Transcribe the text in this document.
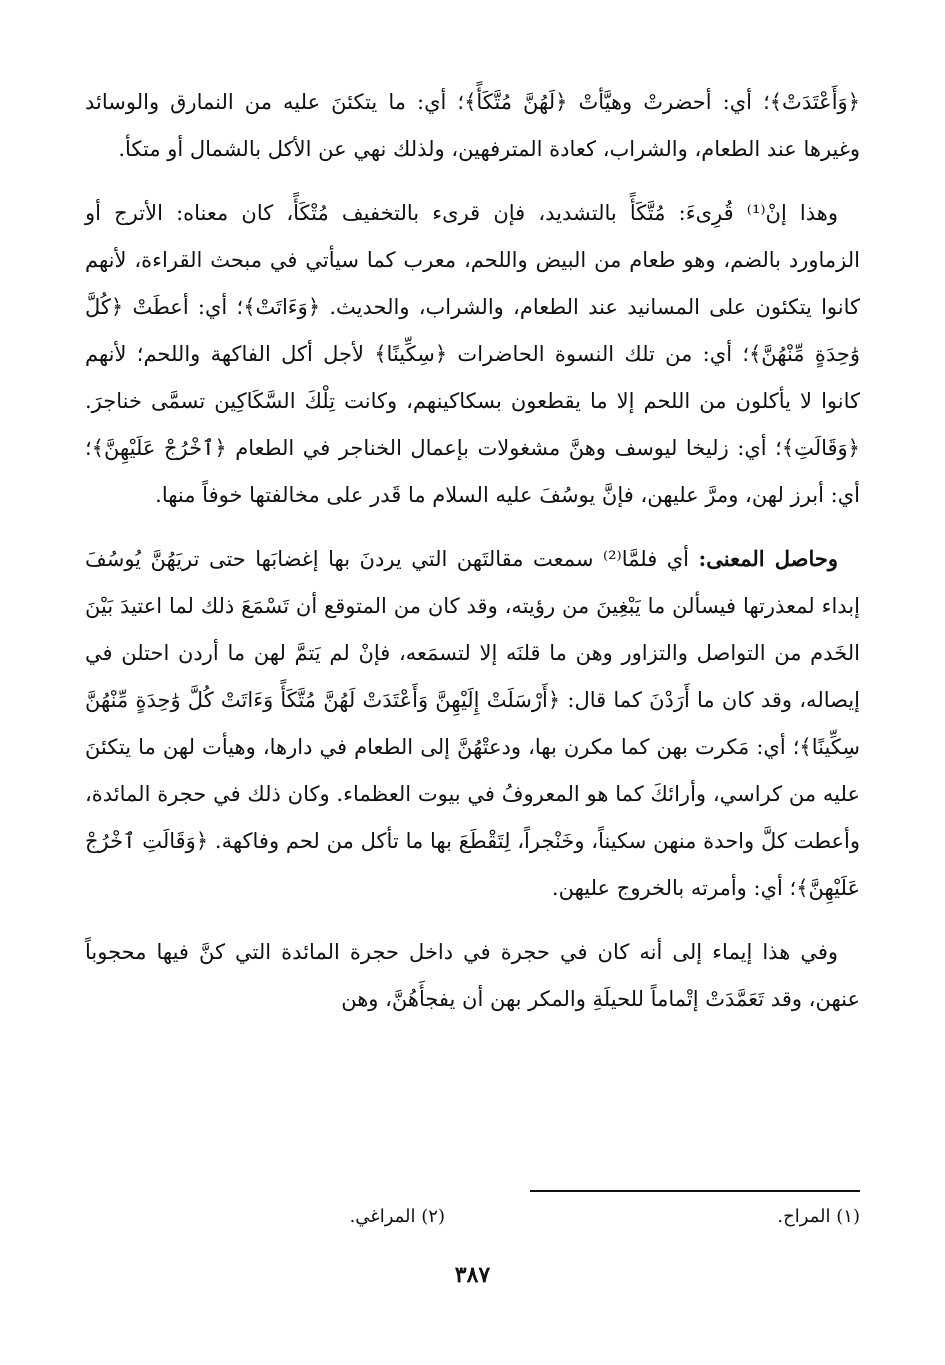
﴿وَأَعْتَدَتْ﴾؛ أي: أحضرتْ وهيَّأتْ ﴿لَهُنَّ مُتَّكَأً﴾؛ أي: ما يتكئنَ عليه من النمارق والوسائد وغيرها عند الطعام، والشراب، كعادة المترفهين، ولذلك نهي عن الأكل بالشمال أو متكأ.

وهذا إنْ⁽¹⁾ قُرِىءَ: مُتَّكَأً بالتشديد، فإن قرىء بالتخفيف مُتْكَأً، كان معناه: الأترج أو الزماورد بالضم، وهو طعام من البيض واللحم، معرب كما سيأتي في مبحث القراءة، لأنهم كانوا يتكئون على المسانيد عند الطعام، والشراب، والحديث. ﴿وَءَاتَتْ﴾؛ أي: أعطَتْ ﴿كُلَّ وَٰحِدَةٍ مِّنْهُنَّ﴾؛ أي: من تلك النسوة الحاضرات ﴿سِكِّينًا﴾ لأجل أكل الفاكهة واللحم؛ لأنهم كانوا لا يأكلون من اللحم إلا ما يقطعون بسكاكينهم، وكانت تِلْكَ السَّكَاكِين تسمَّى خناجرَ. ﴿وَقَالَتِ﴾؛ أي: زليخا ليوسف وهنَّ مشغولات بإعمال الخناجر في الطعام ﴿ٱخْرُجْ عَلَيْهِنَّ﴾؛ أي: أبرز لهن، ومرَّ عليهن، فإنَّ يوسُفَ عليه السلام ما قَدر على مخالفتها خوفاً منها.

وحاصل المعنى: أي فلمَّا⁽²⁾ سمعت مقالتَهن التي يردنَ بها إغضابَها حتى تريَهُنَّ يُوسُفَ إبداء لمعذرتها فيسألن ما يَبْغِينَ من رؤيته، وقد كان من المتوقع أن تَسْمَعَ ذلك لما اعتيدَ بَيْنَ الخَدم من التواصل والتزاور وهن ما قلنَه إلا لتسمَعه، فإنْ لم يَتمَّ لهن ما أردن احتلن في إيصاله، وقد كان ما أَرَدْنَ كما قال: ﴿أَرْسَلَتْ إِلَيْهِنَّ وَأَعْتَدَتْ لَهُنَّ مُتَّكَأً وَءَاتَتْ كُلَّ وَٰحِدَةٍ مِّنْهُنَّ سِكِّينًا﴾؛ أي: مَكرت بهن كما مكرن بها، ودعتْهُنَّ إلى الطعام في دارها، وهيأت لهن ما يتكئنَ عليه من كراسي، وأرائكَ كما هو المعروفُ في بيوت العظماء. وكان ذلك في حجرة المائدة، وأعطت كلَّ واحدة منهن سكيناً، وخَنْجراً، لِتَقْطَعَ بها ما تأكل من لحم وفاكهة. ﴿وَقَالَتِ ٱخْرُجْ عَلَيْهِنَّ﴾؛ أي: وأمرته بالخروج عليهن.

وفي هذا إيماء إلى أنه كان في حجرة في داخل حجرة المائدة التي كنَّ فيها محجوباً عنهن، وقد تَعَمَّدَتْ إتْماماً للحيلَةِ والمكر بهن أن يفجأَهُنَّ، وهن

(١) المراح.
(٢) المراغي.
٣٨٧
